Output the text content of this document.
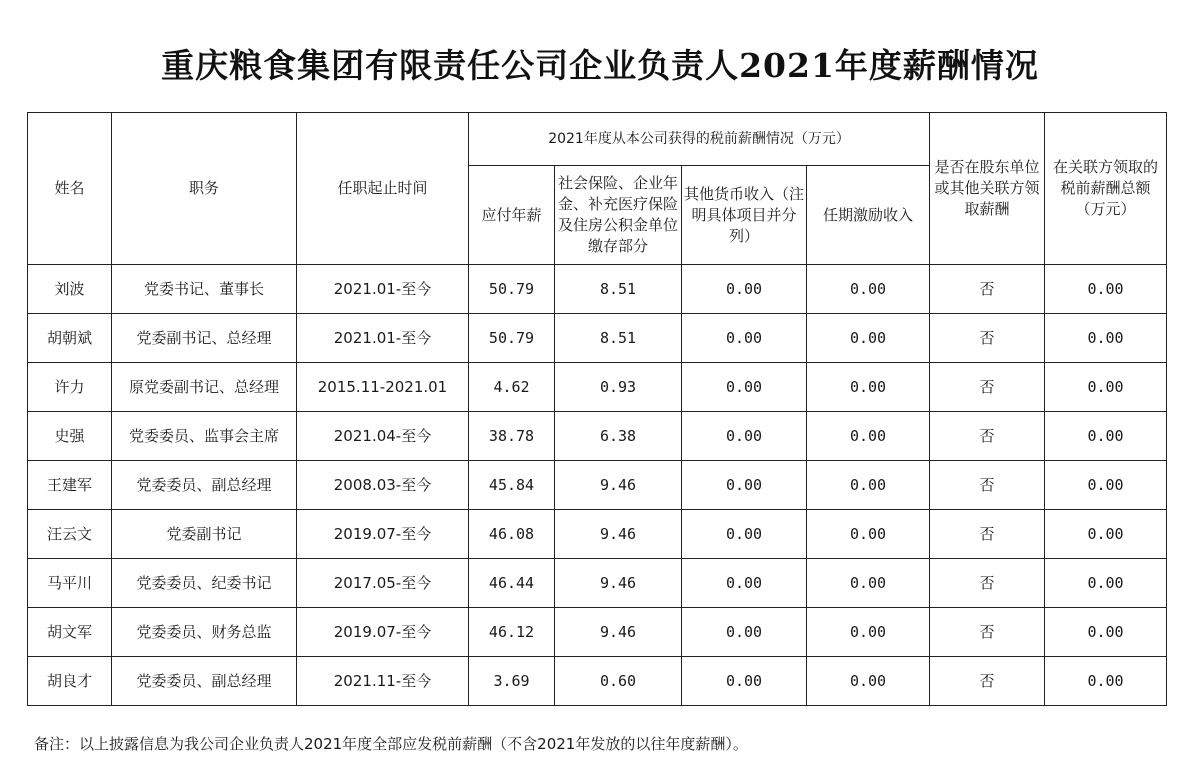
重庆粮食集团有限责任公司企业负责人2021年度薪酬情况
姓名	职务	任职起止时间	2021年度从本公司获得的税前薪酬情况（万元）				是否在股东单位或其他关联方领取薪酬	在关联方领取的税前薪酬总额（万元）
			应付年薪	社会保险、企业年金、补充医疗保险及住房公积金单位缴存部分	其他货币收入（注明具体项目并分列）	任期激励收入		
刘波	党委书记、董事长	2021.01-至今	50.79	8.51	0.00	0.00	否	0.00
胡朝斌	党委副书记、总经理	2021.01-至今	50.79	8.51	0.00	0.00	否	0.00
许力	原党委副书记、总经理	2015.11-2021.01	4.62	0.93	0.00	0.00	否	0.00
史强	党委委员、监事会主席	2021.04-至今	38.78	6.38	0.00	0.00	否	0.00
王建军	党委委员、副总经理	2008.03-至今	45.84	9.46	0.00	0.00	否	0.00
汪云文	党委副书记	2019.07-至今	46.08	9.46	0.00	0.00	否	0.00
马平川	党委委员、纪委书记	2017.05-至今	46.44	9.46	0.00	0.00	否	0.00
胡文军	党委委员、财务总监	2019.07-至今	46.12	9.46	0.00	0.00	否	0.00
胡良才	党委委员、副总经理	2021.11-至今	3.69	0.60	0.00	0.00	否	0.00
备注：以上披露信息为我公司企业负责人2021年度全部应发税前薪酬（不含2021年发放的以往年度薪酬）。
